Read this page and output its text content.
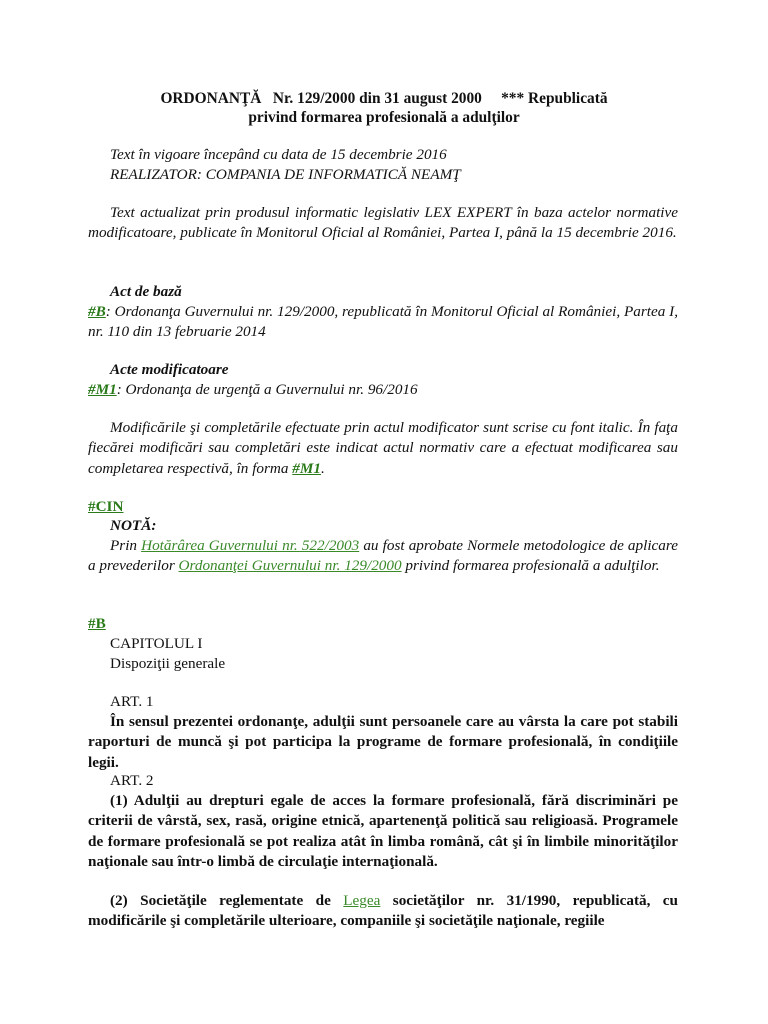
ORDONANŢĂ   Nr. 129/2000 din 31 august 2000     *** Republicată
privind formarea profesională a adulţilor
Text în vigoare începând cu data de 15 decembrie 2016
REALIZATOR: COMPANIA DE INFORMATICĂ NEAMŢ
Text actualizat prin produsul informatic legislativ LEX EXPERT în baza actelor normative modificatoare, publicate în Monitorul Oficial al României, Partea I, până la 15 decembrie 2016.
Act de bază
#B: Ordonanţa Guvernului nr. 129/2000, republicată în Monitorul Oficial al României, Partea I, nr. 110 din 13 februarie 2014
Acte modificatoare
#M1: Ordonanţa de urgenţă a Guvernului nr. 96/2016
Modificările şi completările efectuate prin actul modificator sunt scrise cu font italic. În faţa fiecărei modificări sau completări este indicat actul normativ care a efectuat modificarea sau completarea respectivă, în forma #M1.
#CIN
NOTĂ:
Prin Hotărârea Guvernului nr. 522/2003 au fost aprobate Normele metodologice de aplicare a prevederilor Ordonanţei Guvernului nr. 129/2000 privind formarea profesională a adulţilor.
#B
CAPITOLUL I
Dispoziţii generale
ART. 1
În sensul prezentei ordonanţe, adulţii sunt persoanele care au vârsta la care pot stabili raporturi de muncă şi pot participa la programe de formare profesională, în condiţiile legii.
ART. 2
(1) Adulţii au drepturi egale de acces la formare profesională, fără discriminări pe criterii de vârstă, sex, rasă, origine etnică, apartenenţă politică sau religioasă. Programele de formare profesională se pot realiza atât în limba română, cât şi în limbile minorităţilor naţionale sau într-o limbă de circulaţie internaţională.
(2) Societăţile reglementate de Legea societăţilor nr. 31/1990, republicată, cu modificările şi completările ulterioare, companiile şi societăţile naţionale, regiile
